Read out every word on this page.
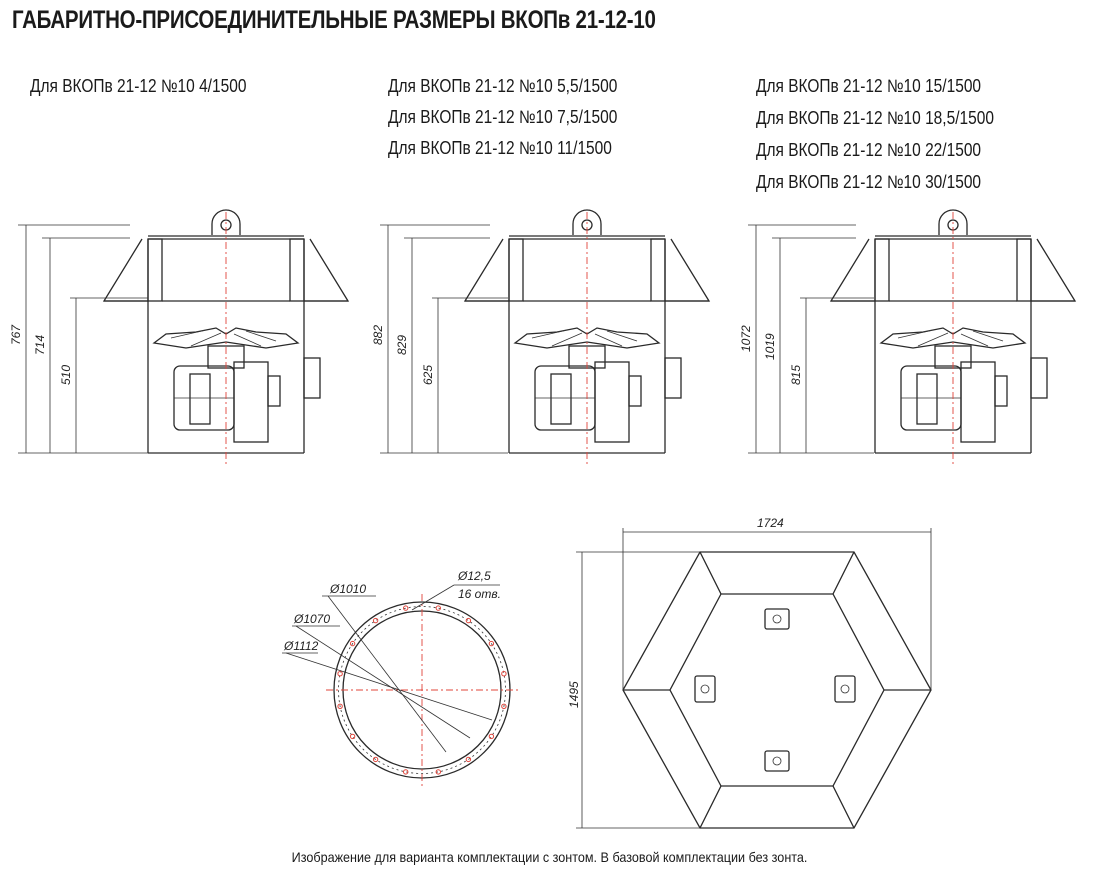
ГАБАРИТНО-ПРИСОЕДИНИТЕЛЬНЫЕ РАЗМЕРЫ ВКОПв 21-12-10
Для ВКОПв 21-12 №10 4/1500	Для ВКОПв 21-12 №10 5,5/1500
Для ВКОПв 21-12 №10 7,5/1500
Для ВКОПв 21-12 №10 11/1500
Для ВКОПв 21-12 №10 15/1500
Для ВКОПв 21-12 №10 18,5/1500
Для ВКОПв 21-12 №10 22/1500
Для ВКОПв 21-12 №10 30/1500
767 714
510
882 829
625
1072 1019
815
Ø1010
Ø1070
Ø1112
Ø12,5
16 отв.
1724
1495
Изображение для варианта комплектации с зонтом. В базовой комплектации без зонта.
